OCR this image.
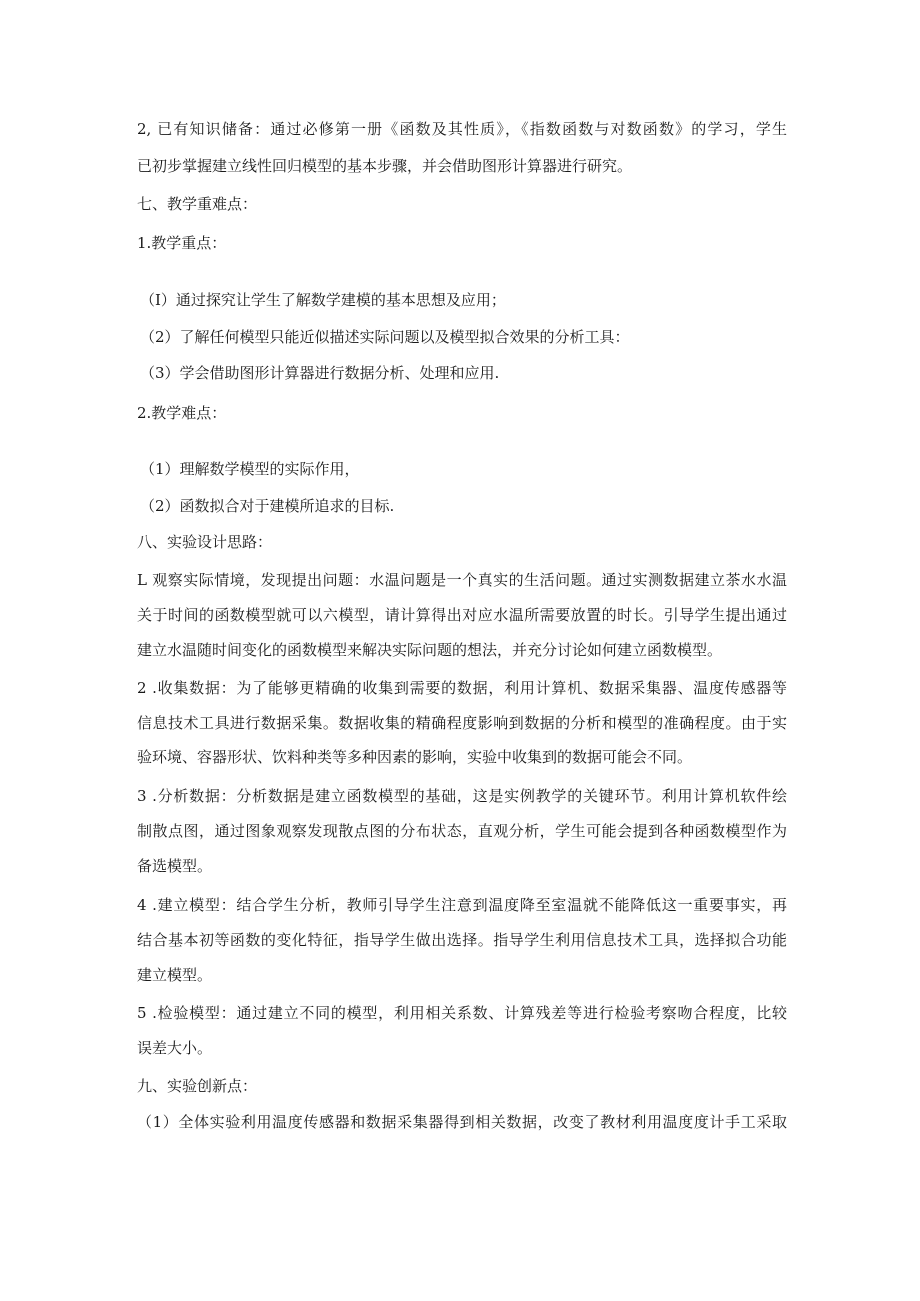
2, 已有知识储备：通过必修第一册《函数及其性质》，《指数函数与对数函数》的学习，学生
已初步掌握建立线性回归模型的基本步骤，并会借助图形计算器进行研究。
七、教学重难点：
1.教学重点：
（I）通过探究让学生了解数学建模的基本思想及应用；
（2）了解任何模型只能近似描述实际问题以及模型拟合效果的分析工具：
（3）学会借助图形计算器进行数据分析、处理和应用.
2.教学难点：
（1）理解数学模型的实际作用，
（2）函数拟合对于建模所追求的目标.
八、实验设计思路：
L 观察实际情境，发现提出问题：水温问题是一个真实的生活问题。通过实测数据建立茶水水温
关于时间的函数模型就可以六模型，请计算得出对应水温所需要放置的时长。引导学生提出通过
建立水温随时间变化的函数模型来解决实际问题的想法，并充分讨论如何建立函数模型。
2 .收集数据：为了能够更精确的收集到需要的数据，利用计算机、数据采集器、温度传感器等
信息技术工具进行数据采集。数据收集的精确程度影响到数据的分析和模型的准确程度。由于实
验环境、容器形状、饮料种类等多种因素的影响，实验中收集到的数据可能会不同。
3 .分析数据：分析数据是建立函数模型的基础，这是实例教学的关键环节。利用计算机软件绘
制散点图，通过图象观察发现散点图的分布状态，直观分析，学生可能会提到各种函数模型作为
备选模型。
4 .建立模型：结合学生分析，教师引导学生注意到温度降至室温就不能降低这一重要事实，再
结合基本初等函数的变化特征，指导学生做出选择。指导学生利用信息技术工具，选择拟合功能
建立模型。
5 .检验模型：通过建立不同的模型，利用相关系数、计算残差等进行检验考察吻合程度，比较
误差大小。
九、实验创新点：
（1）全体实验利用温度传感器和数据采集器得到相关数据，改变了教材利用温度度计手工采取
